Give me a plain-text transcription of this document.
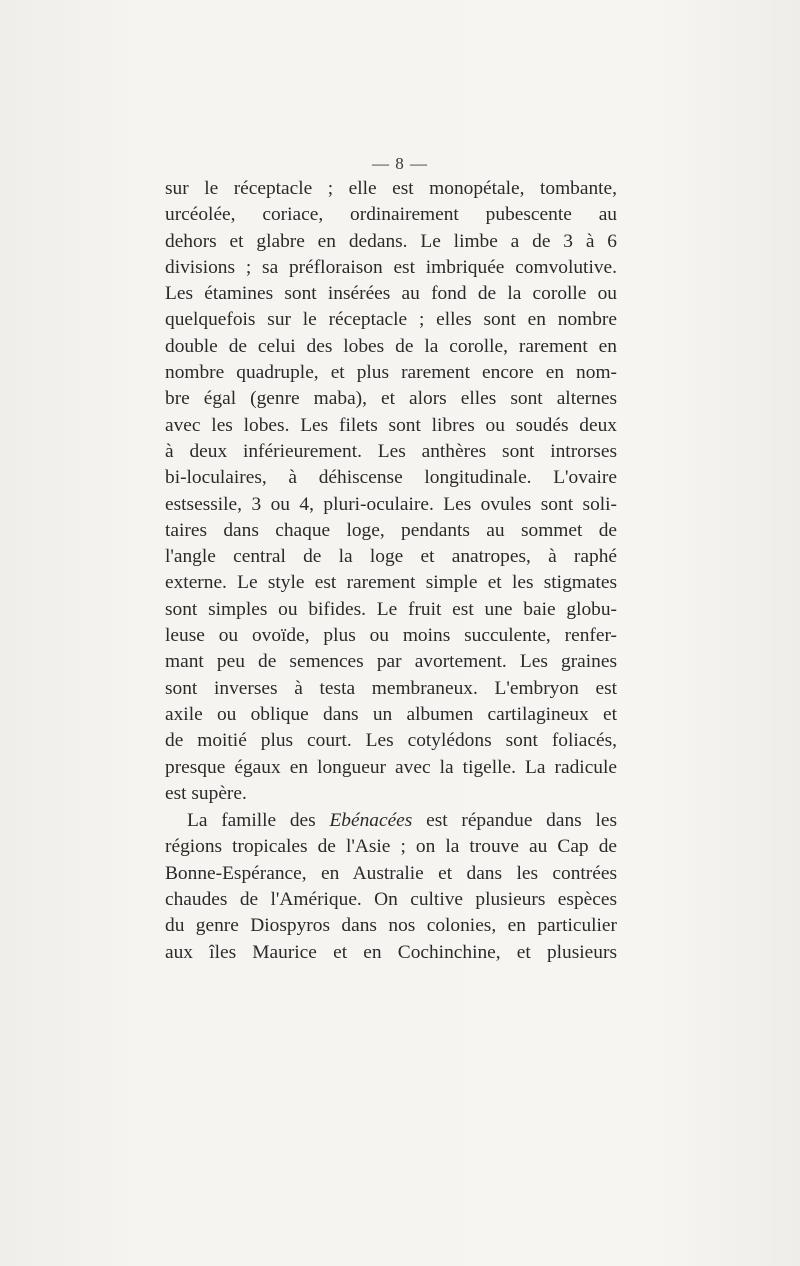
— 8 —
sur le réceptacle ; elle est monopétale, tombante,
urcéolée, coriace, ordinairement pubescente au
dehors et glabre en dedans. Le limbe a de 3 à 6
divisions ; sa préfloraison est imbriquée comvolutive.
Les étamines sont insérées au fond de la corolle ou
quelquefois sur le réceptacle ; elles sont en nombre
double de celui des lobes de la corolle, rarement en
nombre quadruple, et plus rarement encore en nom-
bre égal (genre maba), et alors elles sont alternes
avec les lobes. Les filets sont libres ou soudés deux
à deux inférieurement. Les anthères sont introrses
bi-loculaires, à déhiscense longitudinale. L'ovaire
estsessile, 3 ou 4, pluri-oculaire. Les ovules sont soli-
taires dans chaque loge, pendants au sommet de
l'angle central de la loge et anatropes, à raphé
externe. Le style est rarement simple et les stigmates
sont simples ou bifides. Le fruit est une baie globu-
leuse ou ovoïde, plus ou moins succulente, renfer-
mant peu de semences par avortement. Les graines
sont inverses à testa membraneux. L'embryon est
axile ou oblique dans un albumen cartilagineux et
de moitié plus court. Les cotylédons sont foliacés,
presque égaux en longueur avec la tigelle. La radicule
est supère.
La famille des Ebénacées est répandue dans les
régions tropicales de l'Asie ; on la trouve au Cap de
Bonne-Espérance, en Australie et dans les contrées
chaudes de l'Amérique. On cultive plusieurs espèces
du genre Diospyros dans nos colonies, en particulier
aux îles Maurice et en Cochinchine, et plusieurs
